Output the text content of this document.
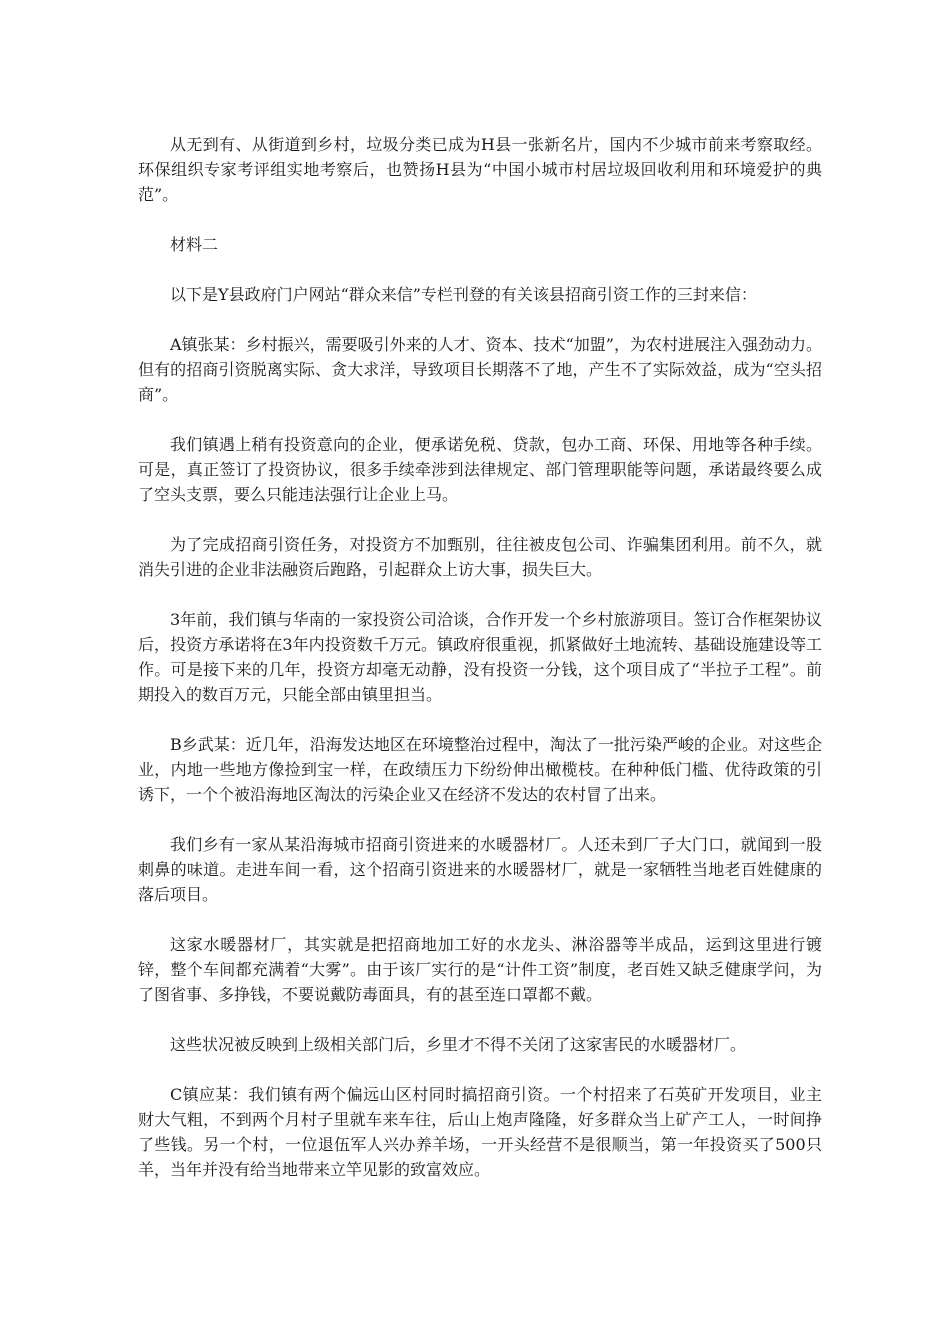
从无到有、从街道到乡村，垃圾分类已成为H县一张新名片，国内不少城市前来考察取经。环保组织专家考评组实地考察后，也赞扬H县为“中国小城市村居垃圾回收利用和环境爱护的典范”。

材料二

以下是Y县政府门户网站“群众来信”专栏刊登的有关该县招商引资工作的三封来信：

A镇张某：乡村振兴，需要吸引外来的人才、资本、技术“加盟”，为农村进展注入强劲动力。但有的招商引资脱离实际、贪大求洋，导致项目长期落不了地，产生不了实际效益，成为“空头招商”。

我们镇遇上稍有投资意向的企业，便承诺免税、贷款，包办工商、环保、用地等各种手续。可是，真正签订了投资协议，很多手续牵涉到法律规定、部门管理职能等问题，承诺最终要么成了空头支票，要么只能违法强行让企业上马。

为了完成招商引资任务，对投资方不加甄别，往往被皮包公司、诈骗集团利用。前不久，就消失引进的企业非法融资后跑路，引起群众上访大事，损失巨大。

3年前，我们镇与华南的一家投资公司洽谈，合作开发一个乡村旅游项目。签订合作框架协议后，投资方承诺将在3年内投资数千万元。镇政府很重视，抓紧做好土地流转、基础设施建设等工作。可是接下来的几年，投资方却毫无动静，没有投资一分钱，这个项目成了“半拉子工程”。前期投入的数百万元，只能全部由镇里担当。

B乡武某：近几年，沿海发达地区在环境整治过程中，淘汰了一批污染严峻的企业。对这些企业，内地一些地方像捡到宝一样，在政绩压力下纷纷伸出橄榄枝。在种种低门槛、优待政策的引诱下，一个个被沿海地区淘汰的污染企业又在经济不发达的农村冒了出来。

我们乡有一家从某沿海城市招商引资进来的水暖器材厂。人还未到厂子大门口，就闻到一股刺鼻的味道。走进车间一看，这个招商引资进来的水暖器材厂，就是一家牺牲当地老百姓健康的落后项目。

这家水暖器材厂，其实就是把招商地加工好的水龙头、淋浴器等半成品，运到这里进行镀锌，整个车间都充满着“大雾”。由于该厂实行的是“计件工资”制度，老百姓又缺乏健康学问，为了图省事、多挣钱，不要说戴防毒面具，有的甚至连口罩都不戴。

这些状况被反映到上级相关部门后，乡里才不得不关闭了这家害民的水暖器材厂。

C镇应某：我们镇有两个偏远山区村同时搞招商引资。一个村招来了石英矿开发项目，业主财大气粗，不到两个月村子里就车来车往，后山上炮声隆隆，好多群众当上矿产工人，一时间挣了些钱。另一个村，一位退伍军人兴办养羊场，一开头经营不是很顺当，第一年投资买了500只羊，当年并没有给当地带来立竿见影的致富效应。
